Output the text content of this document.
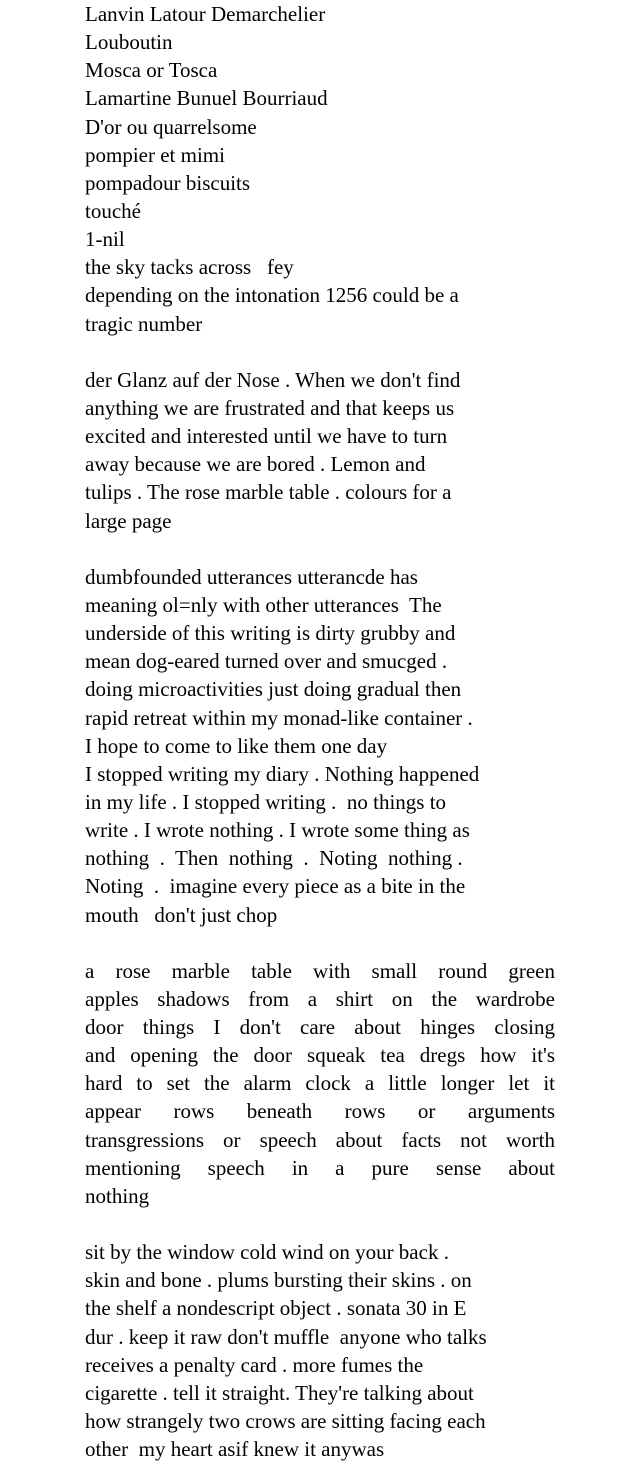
Lanvin Latour Demarchelier
Louboutin
Mosca or Tosca
Lamartine Bunuel Bourriaud
D'or ou quarrelsome
pompier et mimi
pompadour biscuits
touché
1-nil
the sky tacks across   fey
depending on the intonation 1256 could be a
tragic number
der Glanz auf der Nose . When we don't find
anything we are frustrated and that keeps us
excited and interested until we have to turn
away because we are bored . Lemon and
tulips . The rose marble table . colours for a
large page
dumbfounded utterances utterancde has
meaning ol=nly with other utterances  The
underside of this writing is dirty grubby and
mean dog-eared turned over and smucged .
doing microactivities just doing gradual then
rapid retreat within my monad-like container .
I hope to come to like them one day
I stopped writing my diary . Nothing happened
in my life . I stopped writing .  no things to
write . I wrote nothing . I wrote some thing as
nothing  .  Then  nothing  .  Noting  nothing .
Noting  .  imagine every piece as a bite in the
mouth   don't just chop
a rose marble table with small round green
apples shadows from a shirt on the wardrobe
door things I don't care about hinges closing
and opening the door squeak tea dregs how it's
hard to set the alarm clock a little longer let it
appear rows beneath rows or arguments
transgressions or speech about facts not worth
mentioning speech in a pure sense about
nothing
sit by the window cold wind on your back .
skin and bone . plums bursting their skins . on
the shelf a nondescript object . sonata 30 in E
dur . keep it raw don't muffle  anyone who talks
receives a penalty card . more fumes the
cigarette . tell it straight. They're talking about
how strangely two crows are sitting facing each
other  my heart asif knew it anywas
